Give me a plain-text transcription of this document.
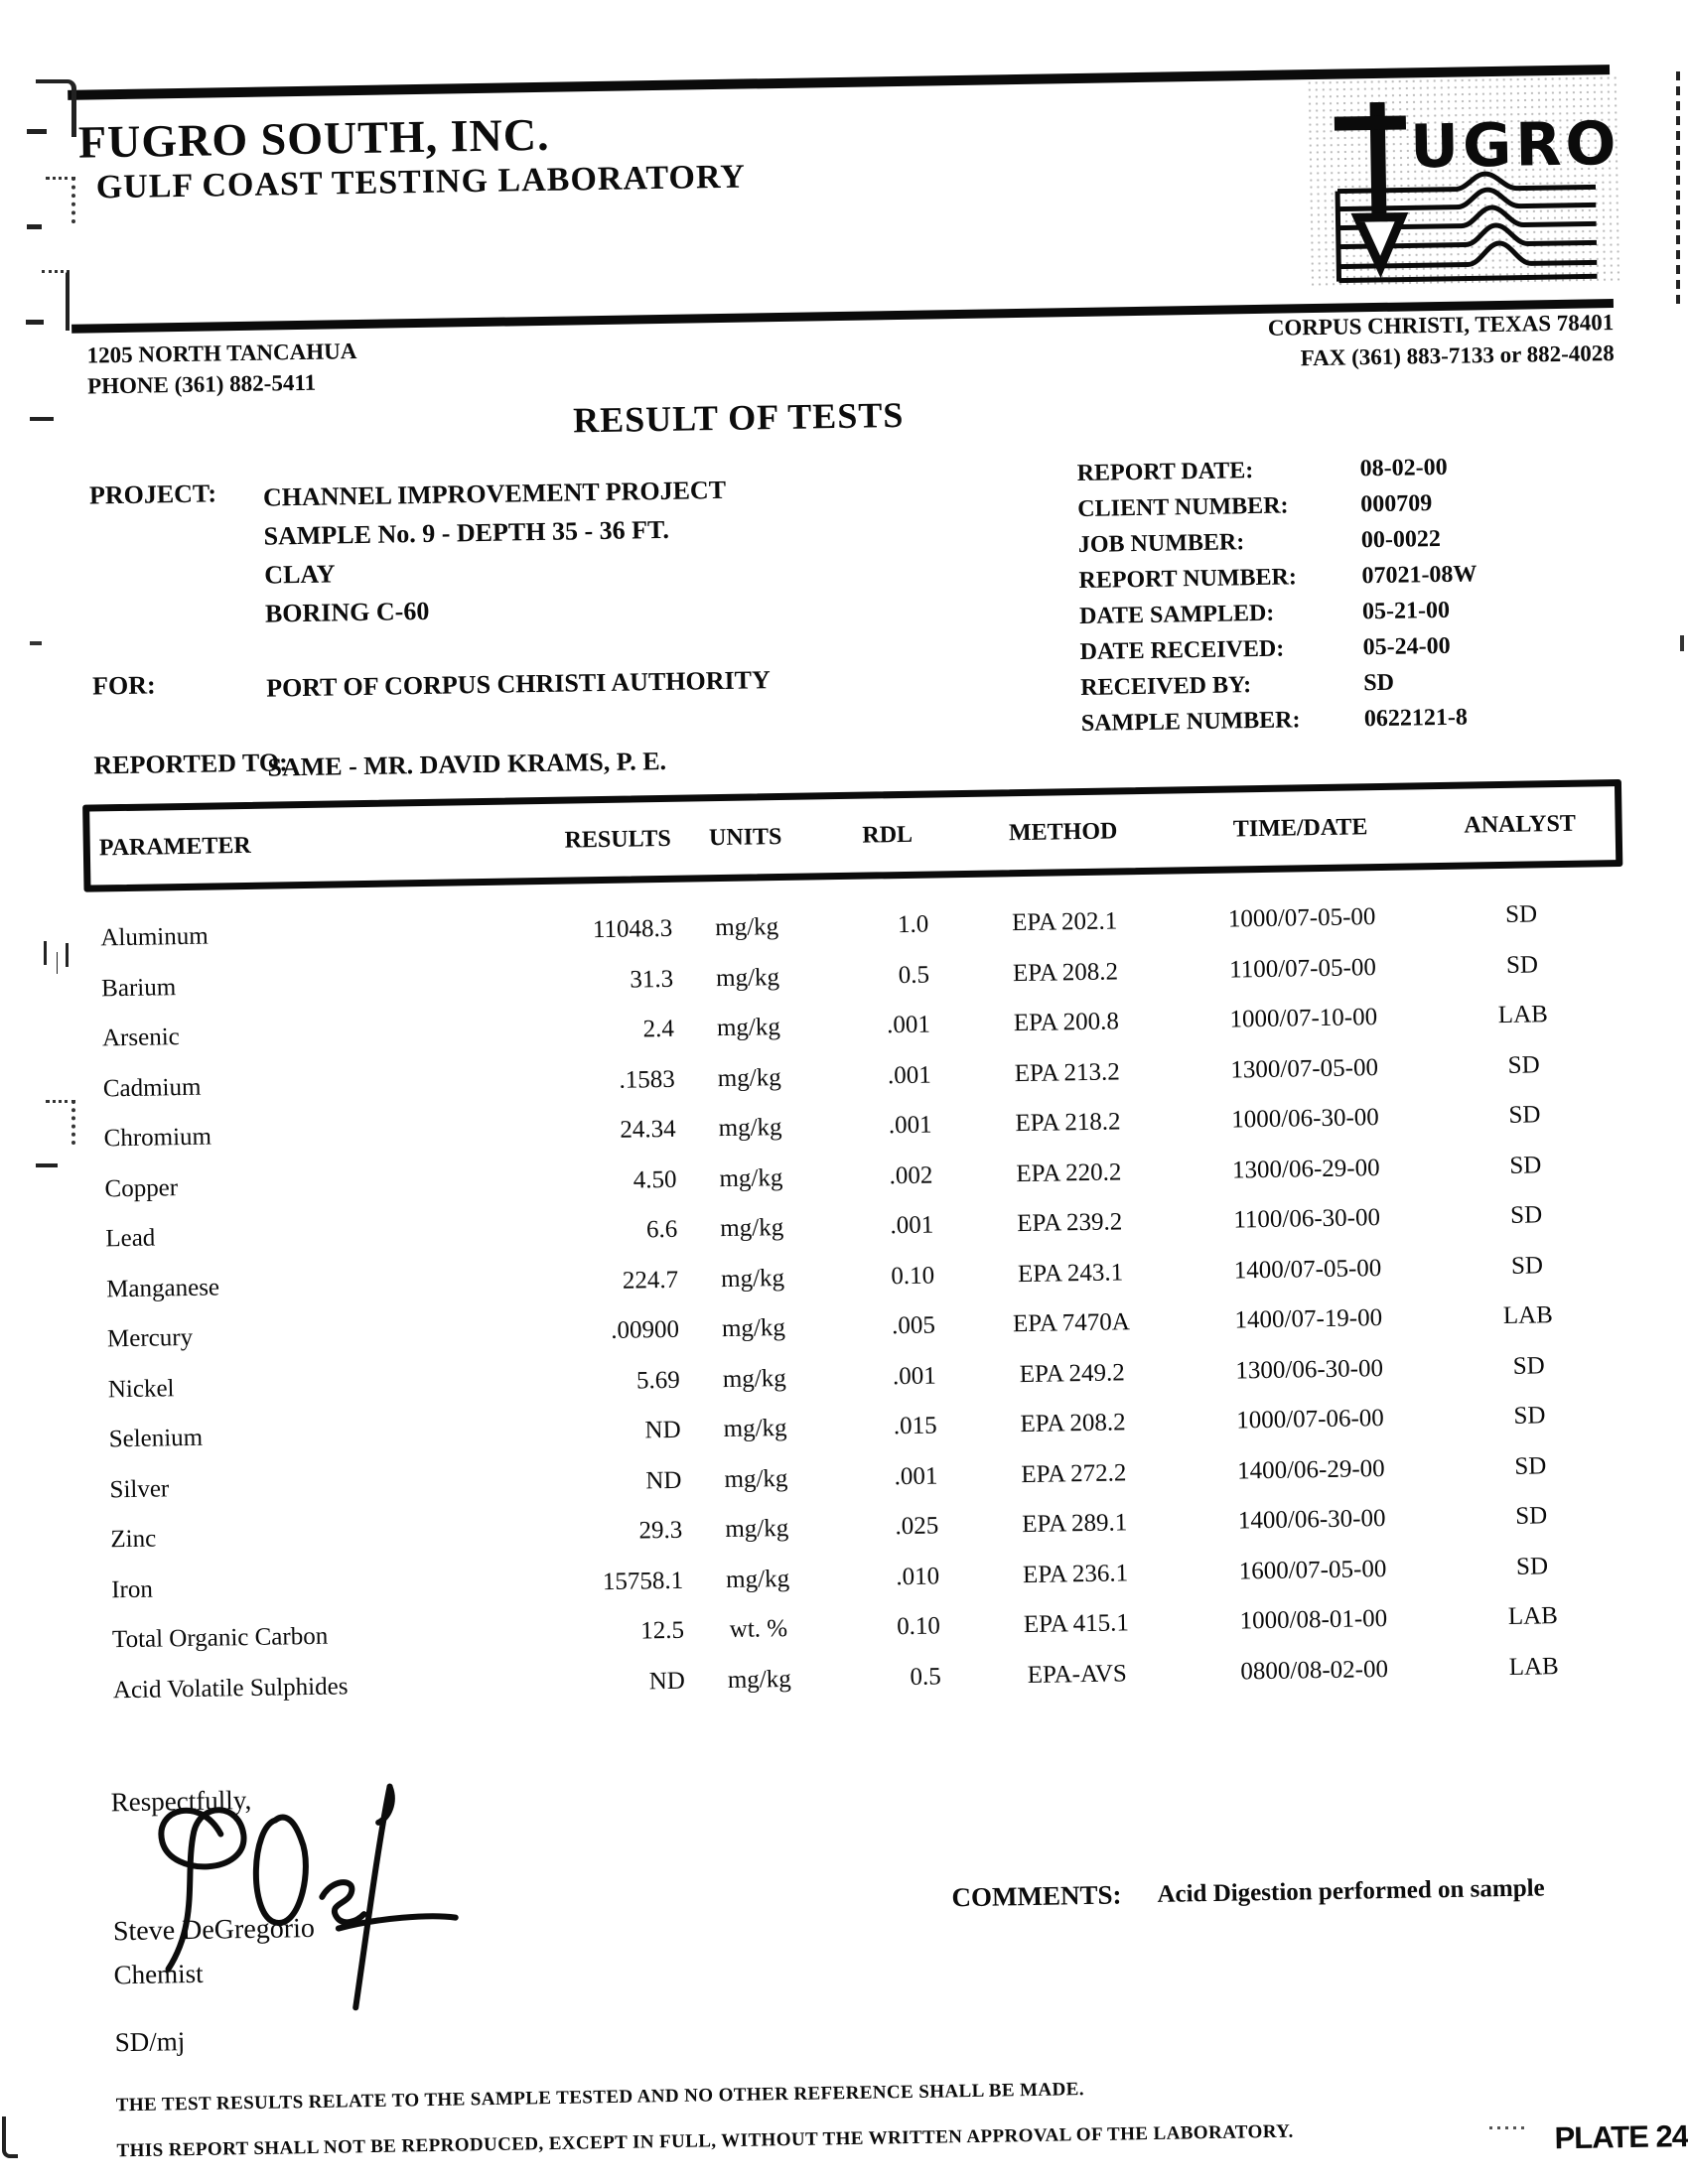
FUGRO SOUTH, INC.
GULF COAST TESTING LABORATORY
UGRO
1205 NORTH TANCAHUA
PHONE (361) 882-5411
CORPUS CHRISTI, TEXAS 78401
FAX (361) 883-7133 or 882-4028
RESULT OF TESTS
PROJECT: CHANNEL IMPROVEMENT PROJECT
SAMPLE No. 9 - DEPTH 35 - 36 FT.
CLAY
BORING C-60
REPORT DATE:	08-02-00
CLIENT NUMBER:	000709
JOB NUMBER:	00-0022
REPORT NUMBER:	07021-08W
DATE SAMPLED:	05-21-00
DATE RECEIVED:	05-24-00
RECEIVED BY:	SD
SAMPLE NUMBER:	0622121-8
FOR:	PORT OF CORPUS CHRISTI AUTHORITY
REPORTED TO:
SAME - MR. DAVID KRAMS, P. E.
PARAMETER	RESULTS	UNITS	RDL	METHOD	TIME/DATE	ANALYST
Aluminum	11048.3	mg/kg	1.0	EPA 202.1	1000/07-05-00	SD
Barium	31.3	mg/kg	0.5	EPA 208.2	1100/07-05-00	SD
Arsenic	2.4	mg/kg	.001	EPA 200.8	1000/07-10-00	LAB
Cadmium	.1583	mg/kg	.001	EPA 213.2	1300/07-05-00	SD
Chromium	24.34	mg/kg	.001	EPA 218.2	1000/06-30-00	SD
Copper	4.50	mg/kg	.002	EPA 220.2	1300/06-29-00	SD
Lead	6.6	mg/kg	.001	EPA 239.2	1100/06-30-00	SD
Manganese	224.7	mg/kg	0.10	EPA 243.1	1400/07-05-00	SD
Mercury	.00900	mg/kg	.005	EPA 7470A	1400/07-19-00	LAB
Nickel	5.69	mg/kg	.001	EPA 249.2	1300/06-30-00	SD
Selenium	ND	mg/kg	.015	EPA 208.2	1000/07-06-00	SD
Silver	ND	mg/kg	.001	EPA 272.2	1400/06-29-00	SD
Zinc	29.3	mg/kg	.025	EPA 289.1	1400/06-30-00	SD
Iron	15758.1	mg/kg	.010	EPA 236.1	1600/07-05-00	SD
Total Organic Carbon	12.5	wt. %	0.10	EPA 415.1	1000/08-01-00	LAB
Acid Volatile Sulphides	ND	mg/kg	0.5	EPA-AVS	0800/08-02-00	LAB
Respectfully,
Steve DeGregorio
Chemist
SD/mj
COMMENTS: Acid Digestion performed on sample
THE TEST RESULTS RELATE TO THE SAMPLE TESTED AND NO OTHER REFERENCE SHALL BE MADE.
THIS REPORT SHALL NOT BE REPRODUCED, EXCEPT IN FULL, WITHOUT THE WRITTEN APPROVAL OF THE LABORATORY.	PLATE 24
